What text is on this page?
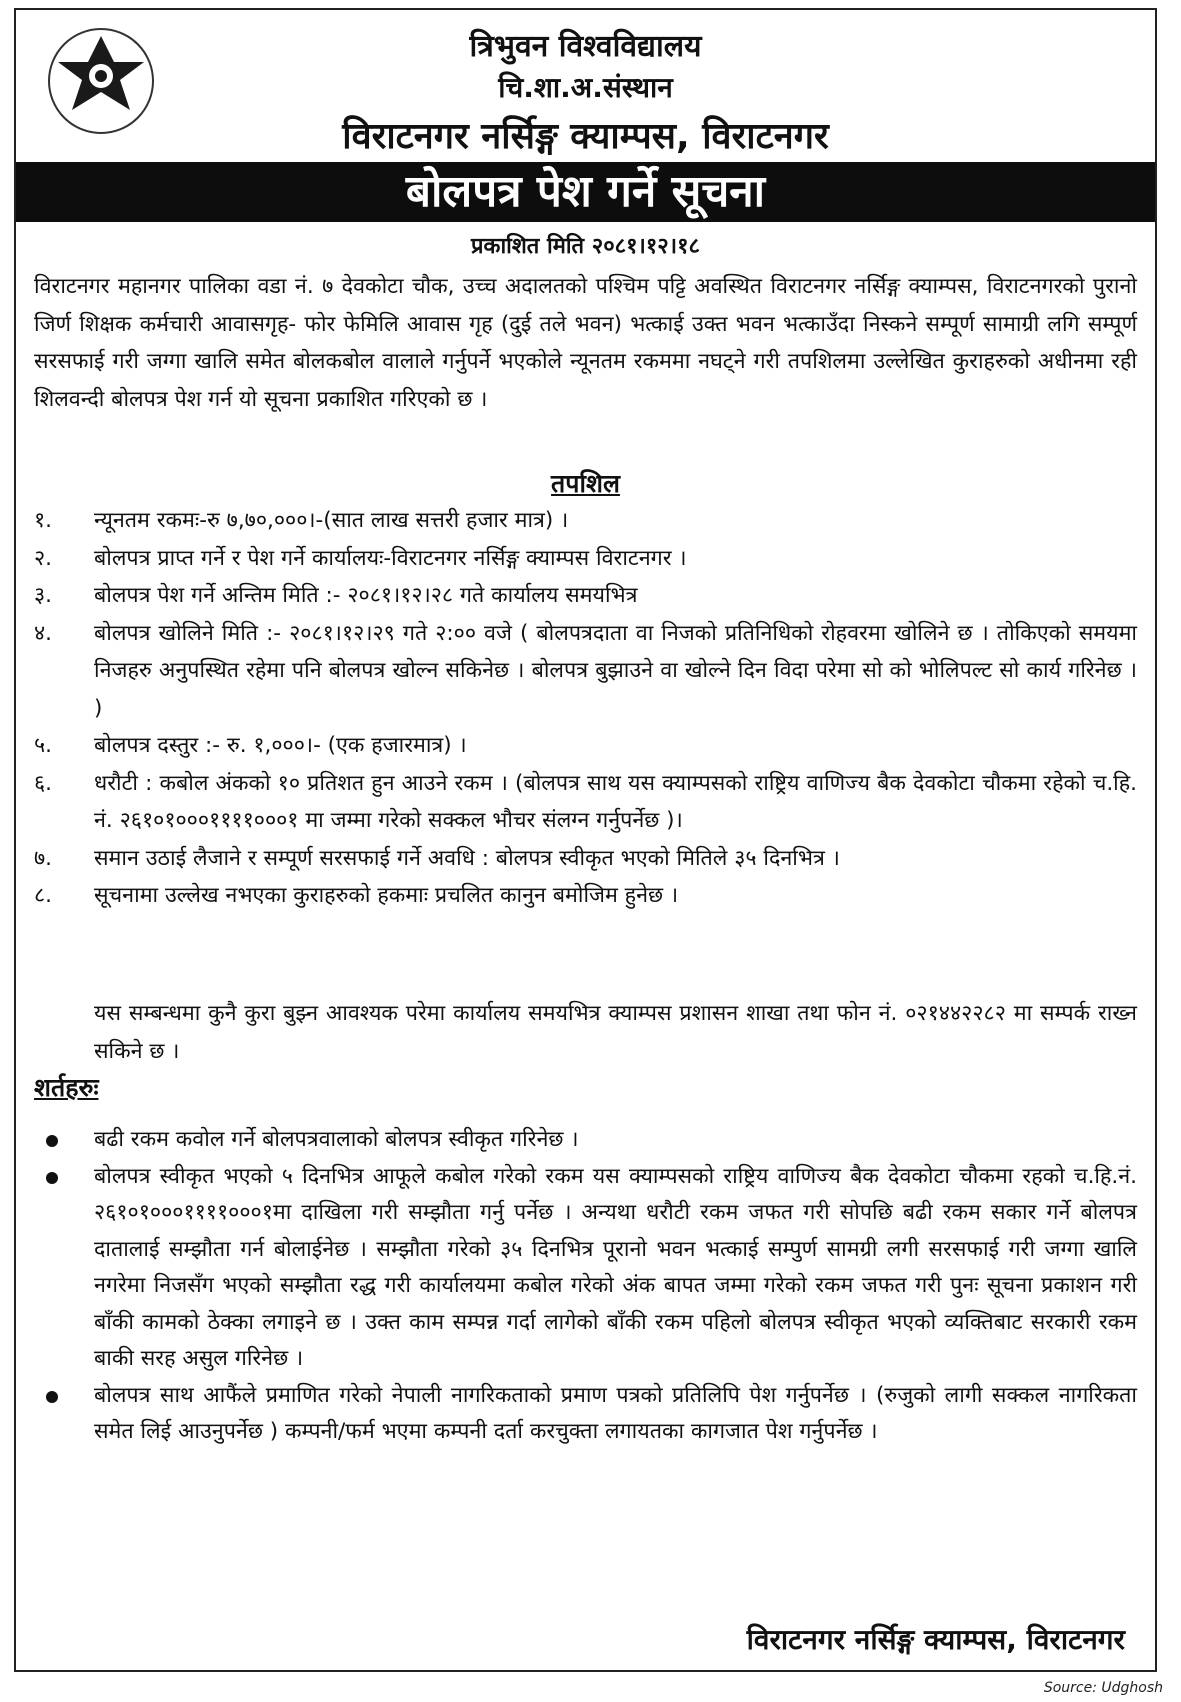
त्रिभुवन विश्वविद्यालय
चि.शा.अ.संस्थान
विराटनगर नर्सिङ्ग क्याम्पस, विराटनगर
बोलपत्र पेश गर्ने सूचना
प्रकाशित मिति २०८१।१२।१८
विराटनगर महानगर पालिका वडा नं. ७ देवकोटा चौक, उच्च अदालतको पश्चिम पट्टि अवस्थित विराटनगर नर्सिङ्ग क्याम्पस, विराटनगरको पुरानो जिर्ण शिक्षक कर्मचारी आवासगृह- फोर फेमिलि आवास गृह (दुई तले भवन) भत्काई उक्त भवन भत्काउँदा निस्कने सम्पूर्ण सामाग्री लगि सम्पूर्ण सरसफाई गरी जग्गा खालि समेत बोलकबोल वालाले गर्नुपर्ने भएकोले न्यूनतम रकममा नघट्ने गरी तपशिलमा उल्लेखित कुराहरुको अधीनमा रही शिलवन्दी बोलपत्र पेश गर्न यो सूचना प्रकाशित गरिएको छ ।
तपशिल
१.	न्यूनतम रकमः-रु ७,७०,०००।-(सात लाख सत्तरी हजार मात्र) ।
२.	बोलपत्र प्राप्त गर्ने र पेश गर्ने कार्यालयः-विराटनगर नर्सिङ्ग क्याम्पस विराटनगर ।
३.	बोलपत्र पेश गर्ने अन्तिम मिति :- २०८१।१२।२८ गते कार्यालय समयभित्र
४.	बोलपत्र खोलिने मिति :- २०८१।१२।२९ गते २:०० वजे ( बोलपत्रदाता वा निजको प्रतिनिधिको रोहवरमा खोलिने छ । तोकिएको समयमा निजहरु अनुपस्थित रहेमा पनि बोलपत्र खोल्न सकिनेछ । बोलपत्र बुझाउने वा खोल्ने दिन विदा परेमा सो को भोलिपल्ट सो कार्य गरिनेछ । )
५.	बोलपत्र दस्तुर :- रु. १,०००।- (एक हजारमात्र) ।
६.	धरौटी : कबोल अंकको १० प्रतिशत हुन आउने रकम । (बोलपत्र साथ यस क्याम्पसको राष्ट्रिय वाणिज्य बैक देवकोटा चौकमा रहेको च.हि. नं. २६१०१०००११११०००१ मा जम्मा गरेको सक्कल भौचर संलग्न गर्नुपर्नेछ )।
७.	समान उठाई लैजाने र सम्पूर्ण सरसफाई गर्ने अवधि : बोलपत्र स्वीकृत भएको मितिले ३५ दिनभित्र ।
८.	सूचनामा उल्लेख नभएका कुराहरुको हकमाः प्रचलित कानुन बमोजिम हुनेछ ।
यस सम्बन्धमा कुनै कुरा बुझ्न आवश्यक परेमा कार्यालय समयभित्र क्याम्पस प्रशासन शाखा तथा फोन नं. ०२१४४२२८२ मा सम्पर्क राख्न सकिने छ ।
शर्तहरुः
बढी रकम कवोल गर्ने बोलपत्रवालाको बोलपत्र स्वीकृत गरिनेछ ।
बोलपत्र स्वीकृत भएको ५ दिनभित्र आफूले कबोल गरेको रकम यस क्याम्पसको राष्ट्रिय वाणिज्य बैक देवकोटा चौकमा रहको च.हि.नं. २६१०१०००११११०००१मा दाखिला गरी सम्झौता गर्नु पर्नेछ । अन्यथा धरौटी रकम जफत गरी सोपछि बढी रकम सकार गर्ने बोलपत्र दातालाई सम्झौता गर्न बोलाईनेछ । सम्झौता गरेको ३५ दिनभित्र पूरानो भवन भत्काई सम्पुर्ण सामग्री लगी सरसफाई गरी जग्गा खालि नगरेमा निजसँग भएको सम्झौता रद्ध गरी कार्यालयमा कबोल गरेको अंक बापत जम्मा गरेको रकम जफत गरी पुनः सूचना प्रकाशन गरी बाँकी कामको ठेक्का लगाइने छ । उक्त काम सम्पन्न गर्दा लागेको बाँकी रकम पहिलो बोलपत्र स्वीकृत भएको व्यक्तिबाट सरकारी रकम बाकी सरह असुल गरिनेछ ।
बोलपत्र साथ आफैंले प्रमाणित गरेको नेपाली नागरिकताको प्रमाण पत्रको प्रतिलिपि पेश गर्नुपर्नेछ । (रुजुको लागी सक्कल नागरिकता समेत लिई आउनुपर्नेछ ) कम्पनी/फर्म भएमा कम्पनी दर्ता करचुक्ता लगायतका कागजात पेश गर्नुपर्नेछ ।
विराटनगर नर्सिङ्ग क्याम्पस, विराटनगर
Source: Udghosh
